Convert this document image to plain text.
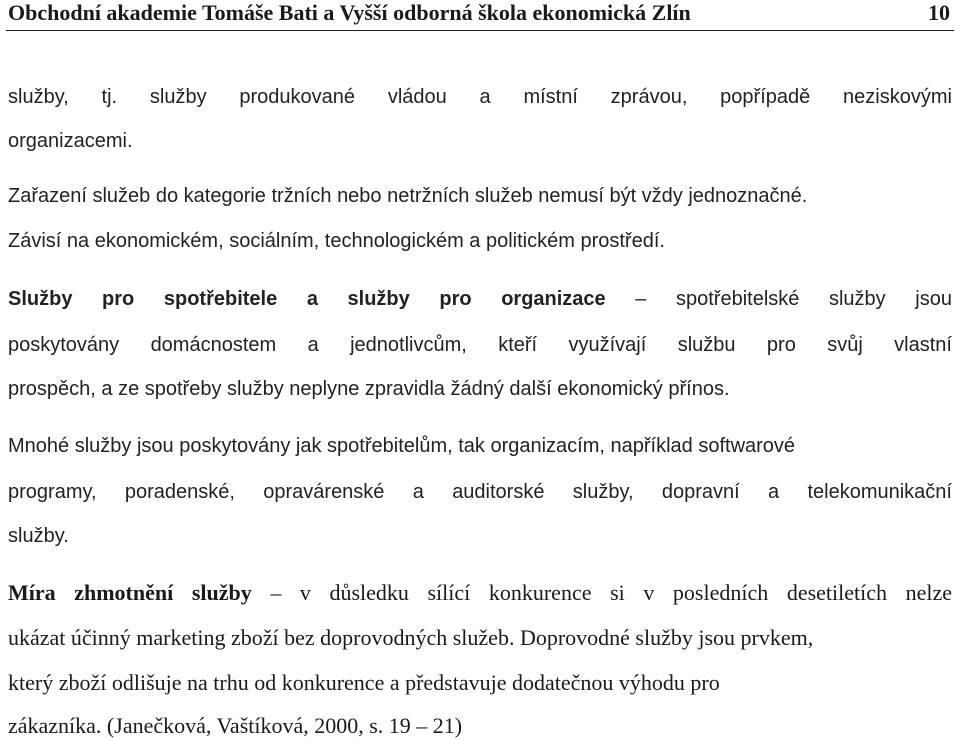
Obchodní akademie Tomáše Bati a Vyšší odborná škola ekonomická Zlín	10
služby, tj. služby produkované vládou a místní zprávou, popřípadě neziskovými
organizacemi.
Zařazení služeb do kategorie tržních nebo netržních služeb nemusí být vždy jednoznačné.
Závisí na ekonomickém, sociálním, technologickém a politickém prostředí.
Služby pro spotřebitele a služby pro organizace – spotřebitelské služby jsou
poskytovány domácnostem a jednotlivcům, kteří využívají službu pro svůj vlastní
prospěch, a ze spotřeby služby neplyne zpravidla žádný další ekonomický přínos.
Mnohé služby jsou poskytovány jak spotřebitelům, tak organizacím, například softwarové
programy, poradenské, opravárenské a auditorské služby, dopravní a telekomunikační
služby.
Míra zhmotnění služby – v důsledku sílící konkurence si v posledních desetiletích nelze
ukázat účinný marketing zboží bez doprovodných služeb. Doprovodné služby jsou prvkem,
který zboží odlišuje na trhu od konkurence a představuje dodatečnou výhodu pro
zákazníka. (Janečková, Vaštíková, 2000, s. 19 – 21)
